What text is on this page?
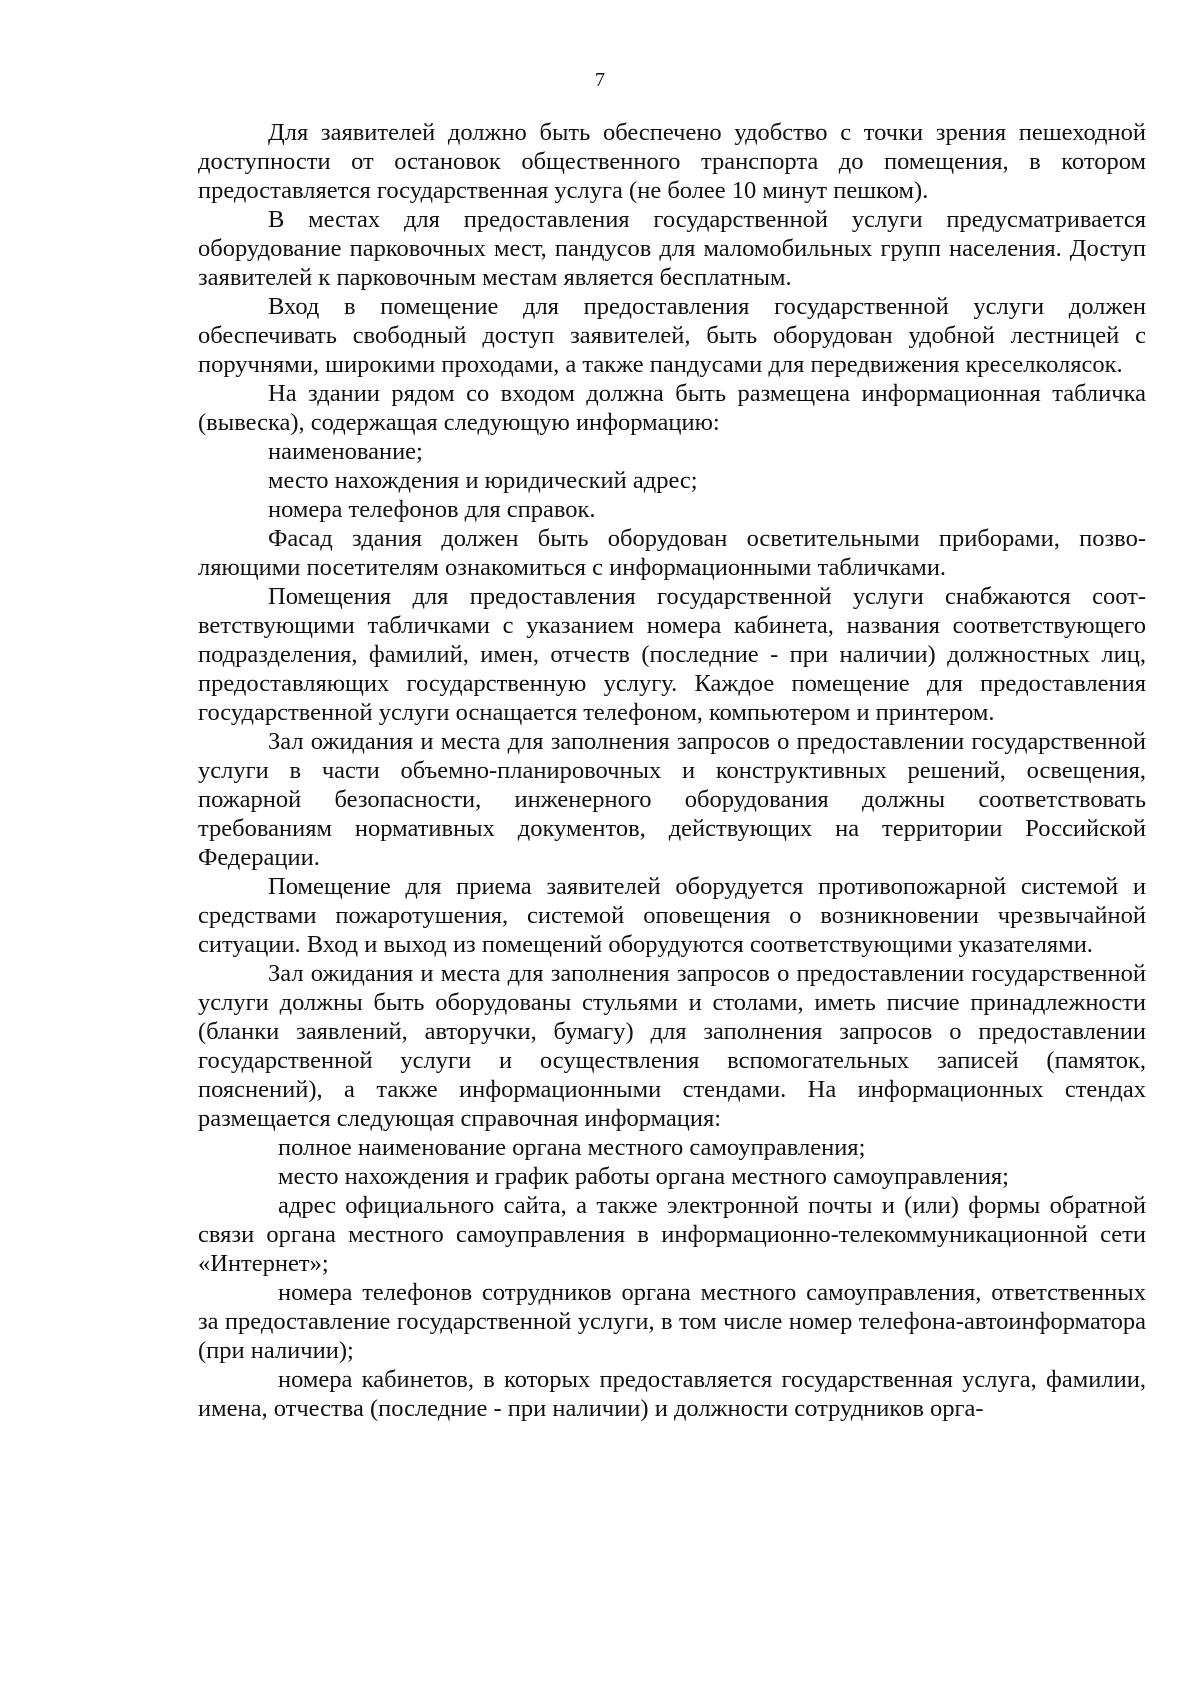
7

Для заявителей должно быть обеспечено удобство с точки зрения пешеходной доступности от остановок общественного транспорта до помещения, в котором предоставляется государственная услуга (не более 10 минут пешком).

В местах для предоставления государственной услуги предусматривается оборудование парковочных мест, пандусов для маломобильных групп населения. Доступ заявителей к парковочным местам является бесплатным.

Вход в помещение для предоставления государственной услуги должен обеспечивать свободный доступ заявителей, быть оборудован удобной лестницей с поручнями, широкими проходами, а также пандусами для передвижения креселколясок.

На здании рядом со входом должна быть размещена информационная табличка (вывеска), содержащая следующую информацию:

наименование;

место нахождения и юридический адрес;

номера телефонов для справок.

Фасад здания должен быть оборудован осветительными приборами, позволяющими посетителям ознакомиться с информационными табличками.

Помещения для предоставления государственной услуги снабжаются соответствующими табличками с указанием номера кабинета, названия соответствующего подразделения, фамилий, имен, отчеств (последние - при наличии) должностных лиц, предоставляющих государственную услугу. Каждое помещение для предоставления государственной услуги оснащается телефоном, компьютером и принтером.

Зал ожидания и места для заполнения запросов о предоставлении государственной услуги в части объемно-планировочных и конструктивных решений, освещения, пожарной безопасности, инженерного оборудования должны соответствовать требованиям нормативных документов, действующих на территории Российской Федерации.

Помещение для приема заявителей оборудуется противопожарной системой и средствами пожаротушения, системой оповещения о возникновении чрезвычайной ситуации. Вход и выход из помещений оборудуются соответствующими указателями.

Зал ожидания и места для заполнения запросов о предоставлении государственной услуги должны быть оборудованы стульями и столами, иметь писчие принадлежности (бланки заявлений, авторучки, бумагу) для заполнения запросов о предоставлении государственной услуги и осуществления вспомогательных записей (памяток, пояснений), а также информационными стендами. На информационных стендах размещается следующая справочная информация:

полное наименование органа местного самоуправления;

место нахождения и график работы органа местного самоуправления;

адрес официального сайта, а также электронной почты и (или) формы обратной связи органа местного самоуправления в информационно-телекоммуникационной сети «Интернет»;

номера телефонов сотрудников органа местного самоуправления, ответственных за предоставление государственной услуги, в том числе номер телефона-автоинформатора (при наличии);

номера кабинетов, в которых предоставляется государственная услуга, фамилии, имена, отчества (последние - при наличии) и должности сотрудников орга-
